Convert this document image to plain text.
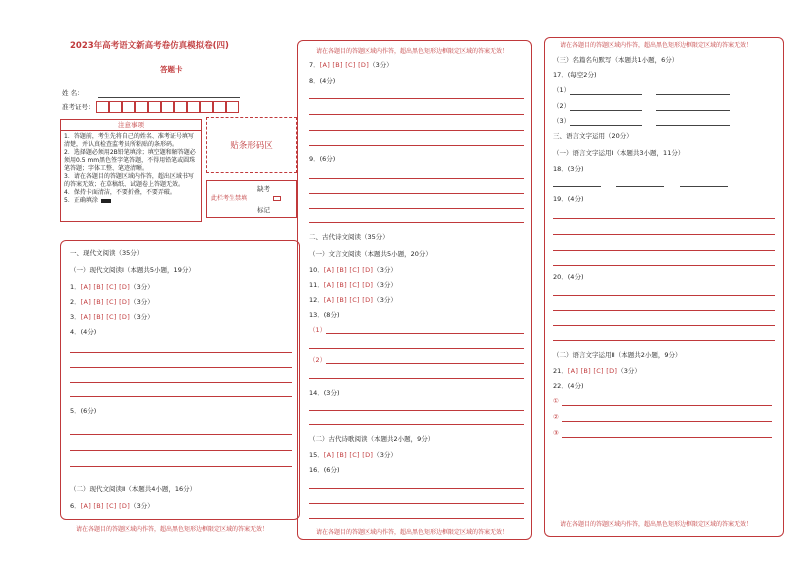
2023年高考语文新高考卷仿真模拟卷(四)
答题卡
姓 名：
准考证号：
注意事项
1．答题前，考生先将自己的姓名、准考证号填写清楚，并认真检查监考员所粘贴的条形码。
2．选择题必须用2B铅笔填涂；填空题和解答题必须用0.5 mm黑色签字笔答题，不得用铅笔或圆珠笔答题；字体工整、笔迹清晰。
3．请在各题目的答题区域内作答，超出区域书写的答案无效；在草稿纸、试题卷上答题无效。
4．保持卡面清洁，不要折叠，不要弄破。
5．正确填涂
贴条形码区
此栏考生禁填
缺考
标记
一、现代文阅读（35分）
（一）现代文阅读Ⅰ（本题共5小题，19分）
1．[A] [B] [C] [D]（3分）
2．[A] [B] [C] [D]（3分）
3．[A] [B] [C] [D]（3分）
4．(4分)
5．(6分)
（二）现代文阅读Ⅱ（本题共4小题，16分）
6．[A] [B] [C] [D]（3分）
请在各题目的答题区域内作答，超出黑色矩形边框限定区域的答案无效！
请在各题目的答题区域内作答，超出黑色矩形边框限定区域的答案无效！
请在各题目的答题区域内作答，超出黑色矩形边框限定区域的答案无效！
7．[A] [B] [C] [D]（3分）
8．(4分)
9．(6分)
二、古代诗文阅读（35分）
（一）文言文阅读（本题共5小题，20分）
10．[A] [B] [C] [D]（3分）
11．[A] [B] [C] [D]（3分）
12．[A] [B] [C] [D]（3分）
13．(8分)
（1）
（2）
14．(3分)
（二）古代诗歌阅读（本题共2小题，9分）
15．[A] [B] [C] [D]（3分）
16．(6分)
请在各题目的答题区域内作答，超出黑色矩形边框限定区域的答案无效！
请在各题目的答题区域内作答，超出黑色矩形边框限定区域的答案无效！
（三）名篇名句默写（本题共1小题，6分）
17．(每空2分)
（1）
（2）
（3）
三、语言文字运用（20分）
（一）语言文字运用Ⅰ（本题共3小题，11分）
18．(3分)
19．(4分)
20．(4分)
（二）语言文字运用Ⅱ（本题共2小题，9分）
21．[A] [B] [C] [D]（3分）
22．(4分)
①
②
③
